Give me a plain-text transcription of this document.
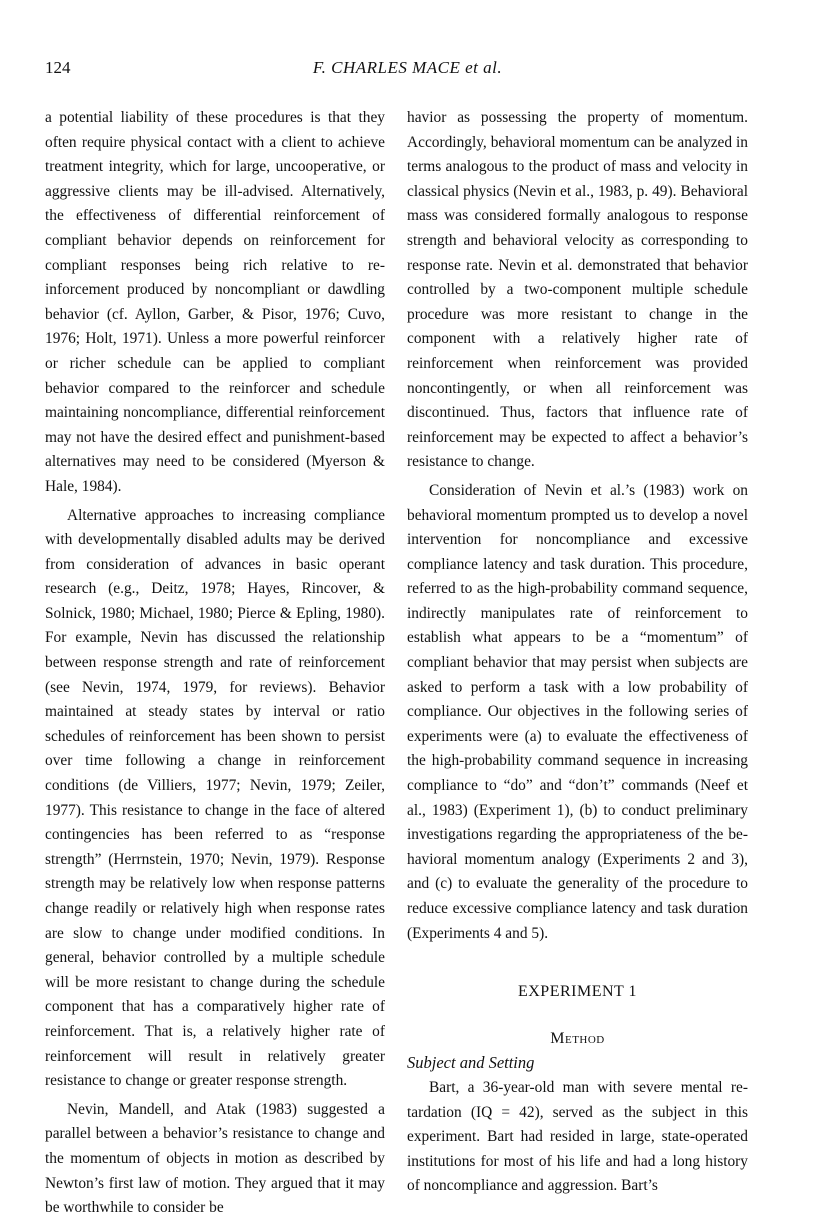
124	F. CHARLES MACE et al.

a potential liability of these procedures is that they often require physical contact with a client to achieve treatment integrity, which for large, uncooperative, or aggressive clients may be ill-advised. Alternatively, the effectiveness of differential reinforcement of compliant behavior depends on reinforcement for compliant responses being rich relative to reinforcement produced by noncompliant or dawdling behavior (cf. Ayllon, Garber, & Pisor, 1976; Cuvo, 1976; Holt, 1971). Unless a more powerful reinforcer or richer schedule can be applied to compliant behavior compared to the reinforcer and schedule maintaining noncompliance, differential reinforcement may not have the desired effect and punishment-based alternatives may need to be considered (Myerson & Hale, 1984).

Alternative approaches to increasing compliance with developmentally disabled adults may be derived from consideration of advances in basic operant research (e.g., Deitz, 1978; Hayes, Rincover, & Solnick, 1980; Michael, 1980; Pierce & Epling, 1980). For example, Nevin has discussed the relationship between response strength and rate of reinforcement (see Nevin, 1974, 1979, for reviews). Behavior maintained at steady states by interval or ratio schedules of reinforcement has been shown to persist over time following a change in reinforcement conditions (de Villiers, 1977; Nevin, 1979; Zeiler, 1977). This resistance to change in the face of altered contingencies has been referred to as “response strength” (Herrnstein, 1970; Nevin, 1979). Response strength may be relatively low when response patterns change readily or relatively high when response rates are slow to change under modified conditions. In general, behavior controlled by a multiple schedule will be more resistant to change during the schedule component that has a comparatively higher rate of reinforcement. That is, a relatively higher rate of reinforcement will result in relatively greater resistance to change or greater response strength.

Nevin, Mandell, and Atak (1983) suggested a parallel between a behavior’s resistance to change and the momentum of objects in motion as described by Newton’s first law of motion. They argued that it may be worthwhile to consider be

havior as possessing the property of momentum. Accordingly, behavioral momentum can be analyzed in terms analogous to the product of mass and velocity in classical physics (Nevin et al., 1983, p. 49). Behavioral mass was considered formally analogous to response strength and behavioral velocity as corresponding to response rate. Nevin et al. demonstrated that behavior controlled by a two-component multiple schedule procedure was more resistant to change in the component with a relatively higher rate of reinforcement when reinforcement was provided noncontingently, or when all reinforcement was discontinued. Thus, factors that influence rate of reinforcement may be expected to affect a behavior’s resistance to change.

Consideration of Nevin et al.’s (1983) work on behavioral momentum prompted us to develop a novel intervention for noncompliance and excessive compliance latency and task duration. This procedure, referred to as the high-probability command sequence, indirectly manipulates rate of reinforcement to establish what appears to be a “momentum” of compliant behavior that may persist when subjects are asked to perform a task with a low probability of compliance. Our objectives in the following series of experiments were (a) to evaluate the effectiveness of the high-probability command sequence in increasing compliance to “do” and “don’t” commands (Neef et al., 1983) (Experiment 1), (b) to conduct preliminary investigations regarding the appropriateness of the behavioral momentum analogy (Experiments 2 and 3), and (c) to evaluate the generality of the procedure to reduce excessive compliance latency and task duration (Experiments 4 and 5).

EXPERIMENT 1

Method

Subject and Setting

Bart, a 36-year-old man with severe mental retardation (IQ = 42), served as the subject in this experiment. Bart had resided in large, state-operated institutions for most of his life and had a long history of noncompliance and aggression. Bart’s
